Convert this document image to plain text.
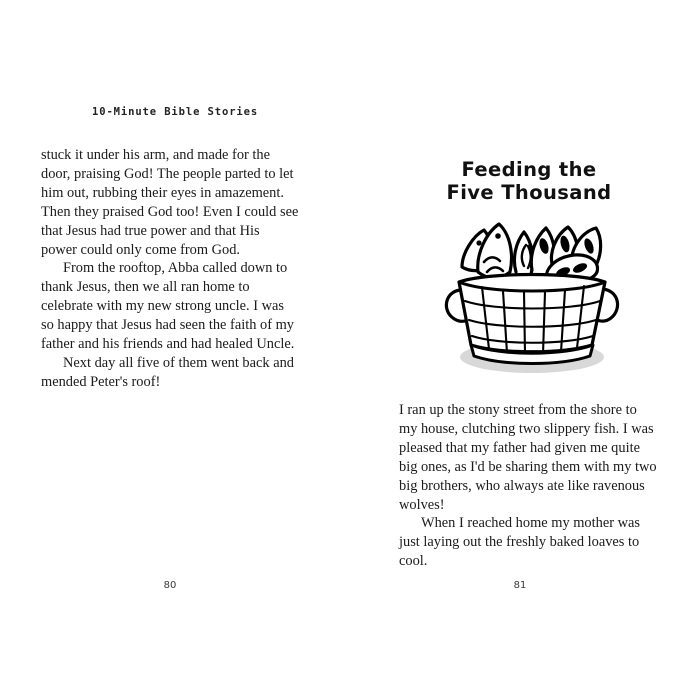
10-Minute Bible Stories

stuck it under his arm, and made for the door, praising God! The people parted to let him out, rubbing their eyes in amazement. Then they praised God too! Even I could see that Jesus had true power and that His power could only come from God.

From the rooftop, Abba called down to thank Jesus, then we all ran home to celebrate with my new strong uncle. I was so happy that Jesus had seen the faith of my father and his friends and had healed Uncle.

Next day all five of them went back and mended Peter's roof!

80
Feeding the
Five Thousand

I ran up the stony street from the shore to my house, clutching two slippery fish. I was pleased that my father had given me quite big ones, as I'd be sharing them with my two big brothers, who always ate like ravenous wolves!

When I reached home my mother was just laying out the freshly baked loaves to cool.

81
